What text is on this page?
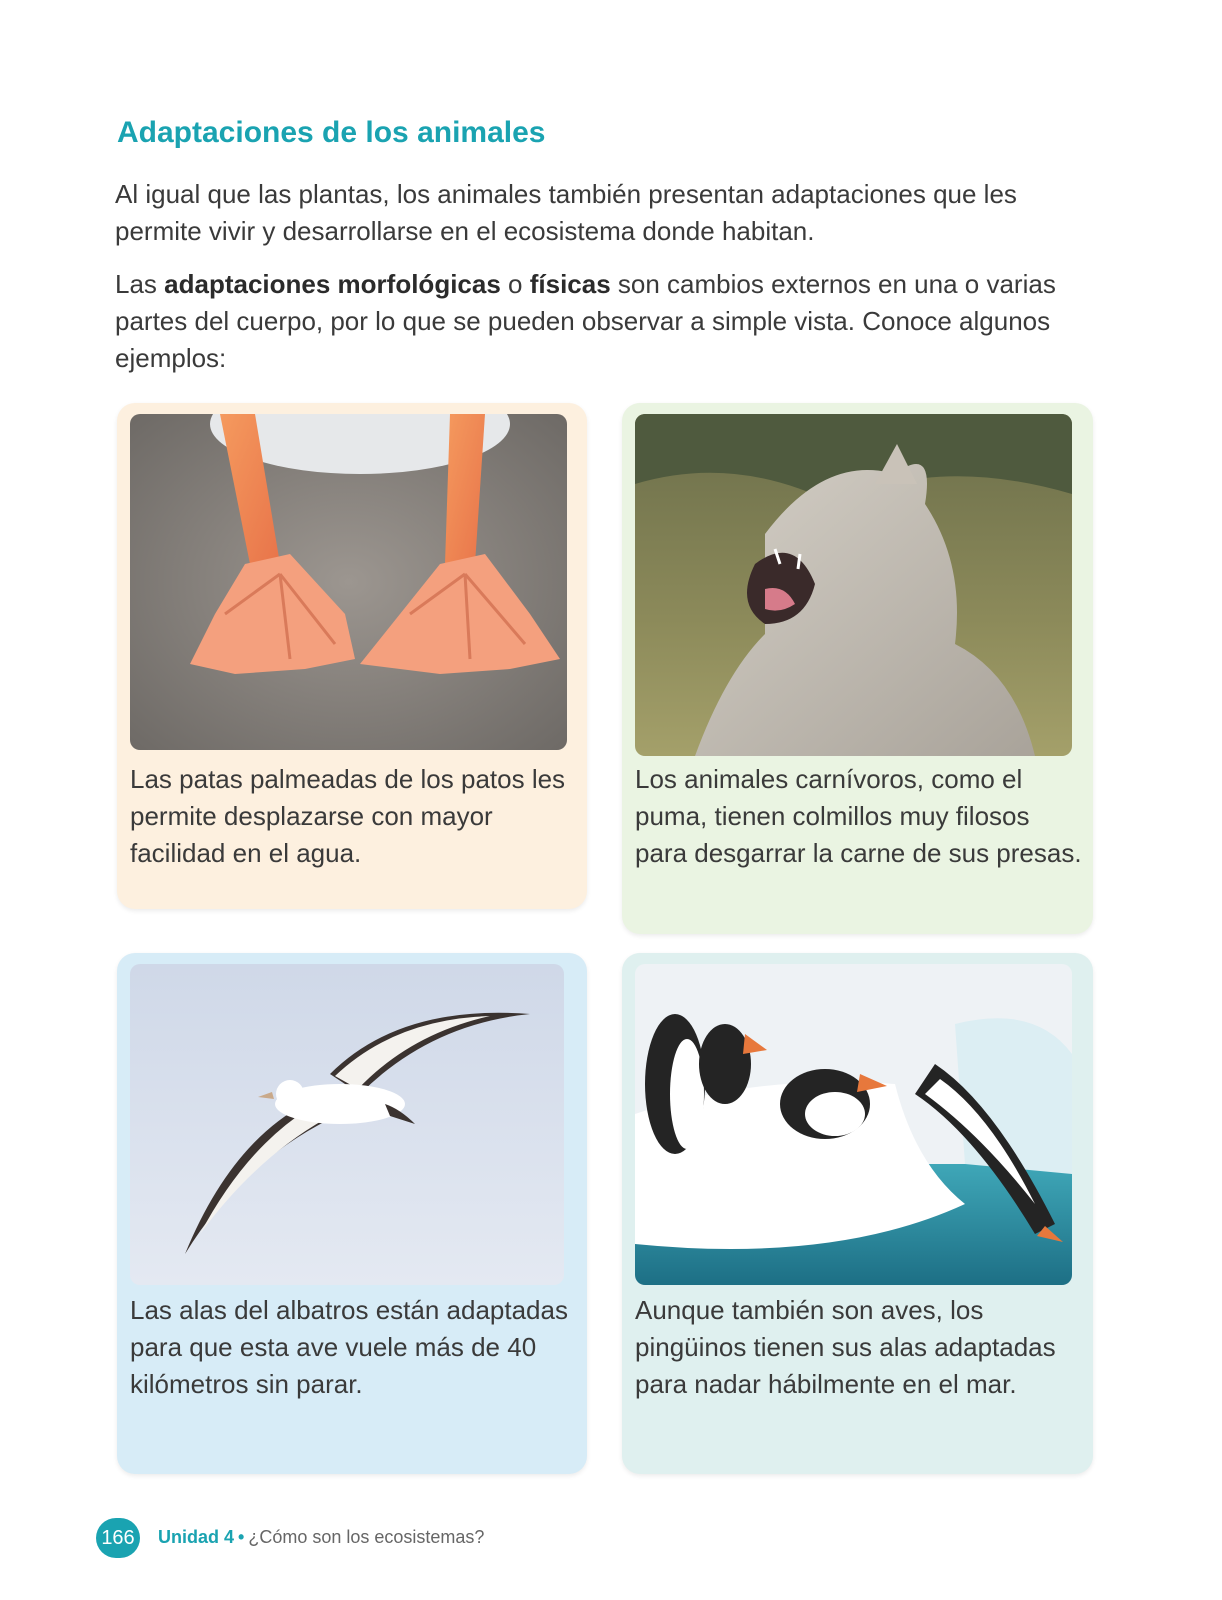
Adaptaciones de los animales

Al igual que las plantas, los animales también presentan adaptaciones que les permite vivir y desarrollarse en el ecosistema donde habitan.

Las adaptaciones morfológicas o físicas son cambios externos en una o varias partes del cuerpo, por lo que se pueden observar a simple vista. Conoce algunos ejemplos:

Las patas palmeadas de los patos les permite desplazarse con mayor facilidad en el agua.

Los animales carnívoros, como el puma, tienen colmillos muy filosos para desgarrar la carne de sus presas.

Las alas del albatros están adaptadas para que esta ave vuele más de 40 kilómetros sin parar.

Aunque también son aves, los pingüinos tienen sus alas adaptadas para nadar hábilmente en el mar.

166 Unidad 4 • ¿Cómo son los ecosistemas?
